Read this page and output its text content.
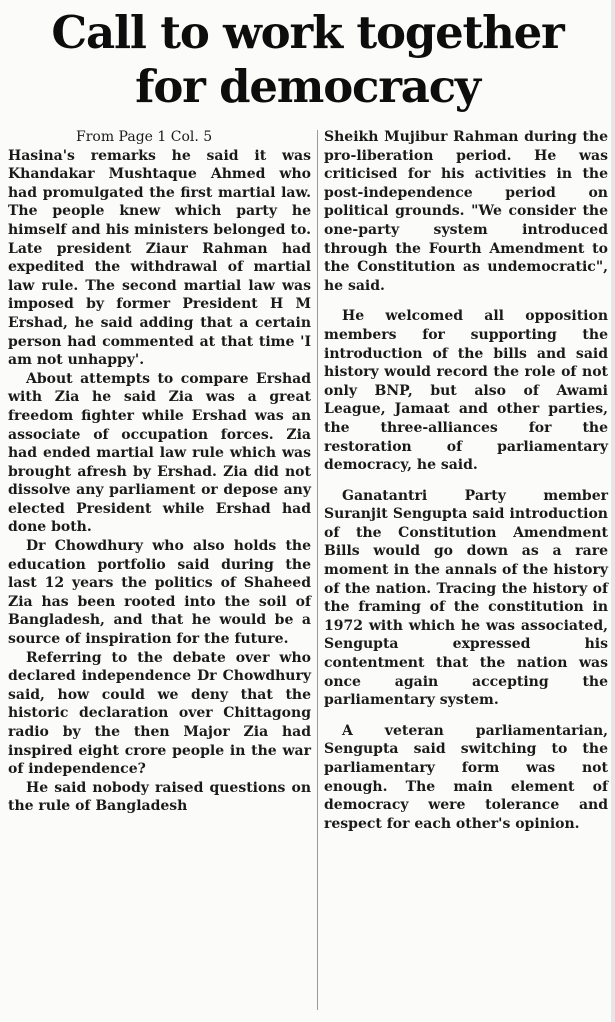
Call to work together
for democracy
From Page 1 Col. 5

Hasina's remarks he said it was Khandakar Mushtaque Ahmed who had promulgated the first martial law. The people knew which party he himself and his ministers belonged to. Late president Ziaur Rahman had expedited the withdrawal of martial law rule. The second martial law was imposed by former President H M Ershad, he said adding that a certain person had commented at that time 'I am not unhappy'.

About attempts to compare Ershad with Zia he said Zia was a great freedom fighter while Ershad was an associate of occupation forces. Zia had ended martial law rule which was brought afresh by Ershad. Zia did not dissolve any parliament or depose any elected President while Ershad had done both.

Dr Chowdhury who also holds the education portfolio said during the last 12 years the politics of Shaheed Zia has been rooted into the soil of Bangladesh, and that he would be a source of inspiration for the future.

Referring to the debate over who declared independence Dr Chowdhury said, how could we deny that the historic declaration over Chittagong radio by the then Major Zia had inspired eight crore people in the war of independence?

He said nobody raised questions on the rule of Bangladesh

Sheikh Mujibur Rahman during the pro-liberation period. He was criticised for his activities in the post-independence period on political grounds. "We consider the one-party system introduced through the Fourth Amendment to the Constitution as undemocratic", he said.

He welcomed all opposition members for supporting the introduction of the bills and said history would record the role of not only BNP, but also of Awami League, Jamaat and other parties, the three-alliances for the restoration of parliamentary democracy, he said.

Ganatantri Party member Suranjit Sengupta said introduction of the Constitution Amendment Bills would go down as a rare moment in the annals of the history of the nation. Tracing the history of the framing of the constitution in 1972 with which he was associated, Sengupta expressed his contentment that the nation was once again accepting the parliamentary system.

A veteran parliamentarian, Sengupta said switching to the parliamentary form was not enough. The main element of democracy were tolerance and respect for each other's opinion.
